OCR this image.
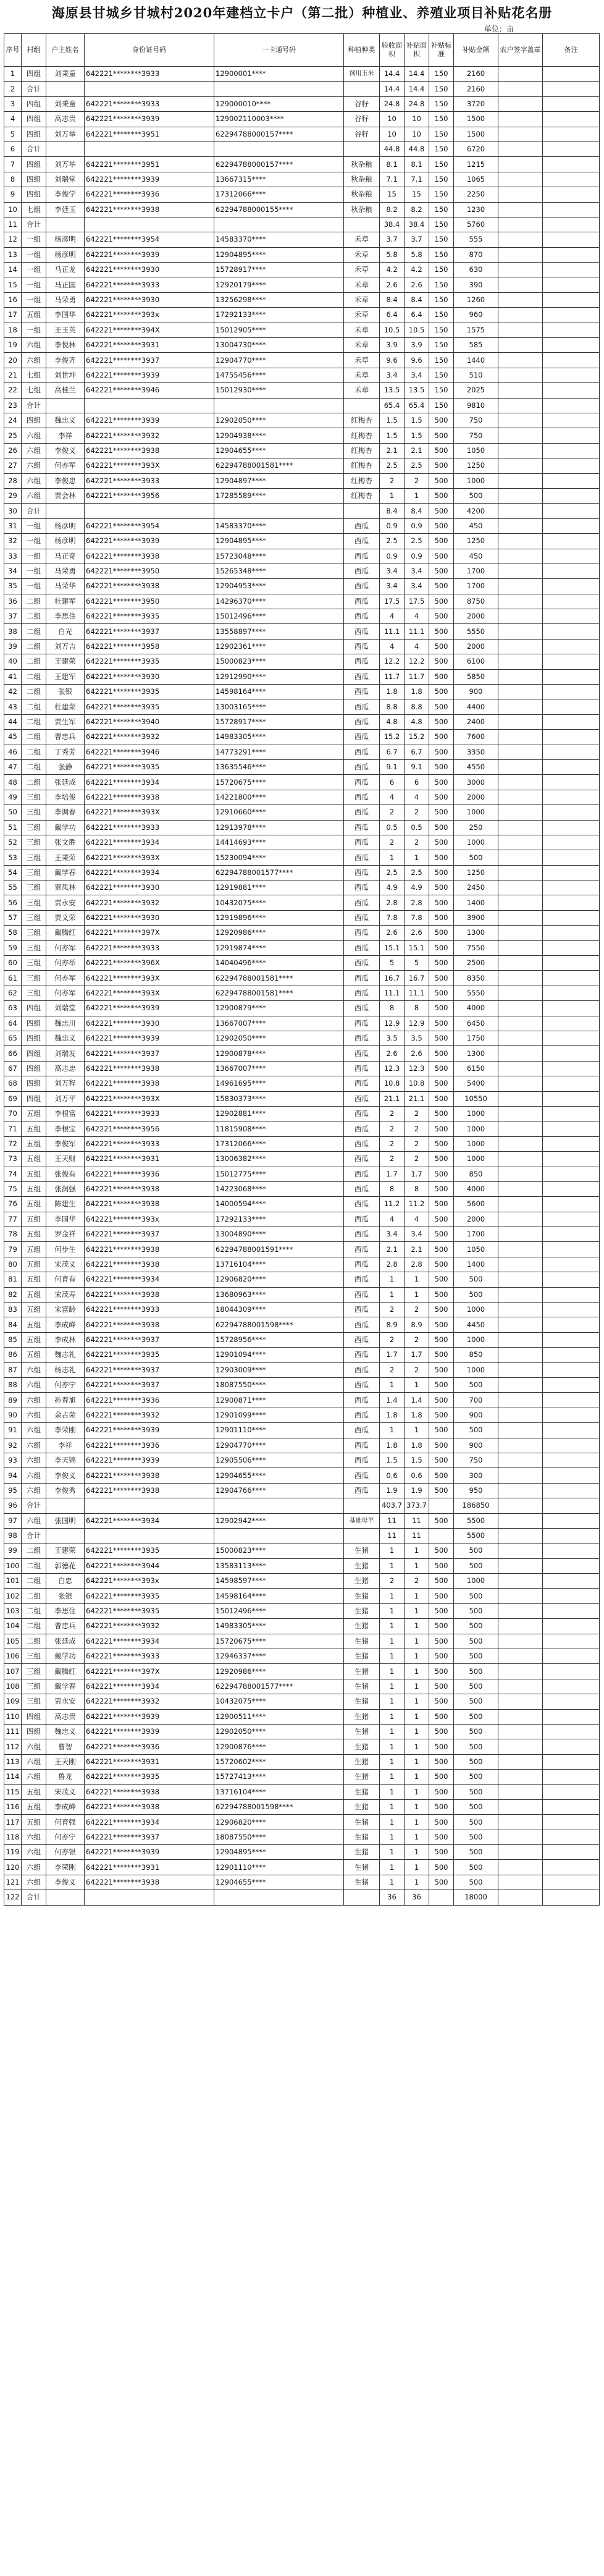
海原县甘城乡甘城村2020年建档立卡户（第二批）种植业、养殖业项目补贴花名册
单位：亩
序号	村组	户主姓名	身份证号码	一卡通号码	种植种类	验收面积	补贴面积	补贴标准	补贴金额	农户签字盖章	备注
1	四组	刘秉童	642221********3933	12900001****	饲用玉米	14.4	14.4	150	2160		
2	合计					14.4	14.4	150	2160		
3	四组	刘秉童	642221********3933	129000010****	谷籽	24.8	24.8	150	3720		
4	四组	高志贵	642221********3939	129002110003****	谷籽	10	10	150	1500		
5	四组	刘万举	642221********3951	62294788000157****	谷籽	10	10	150	1500		
6	合计					44.8	44.8	150	6720		
7	四组	刘万举	642221********3951	62294788000157****	秋杂粮	8.1	8.1	150	1215		
8	四组	刘瑞堂	642221********3939	13667315****	秋杂粮	7.1	7.1	150	1065		
9	四组	李俊学	642221********3936	17312066****	秋杂粮	15	15	150	2250		
10	七组	李廷玉	642221********3938	62294788000155****	秋杂粮	8.2	8.2	150	1230		
11	合计					38.4	38.4	150	5760		
12	一组	杨彦明	642221********3954	14583370****	禾草	3.7	3.7	150	555		
13	一组	杨彦明	642221********3939	12904895****	禾草	5.8	5.8	150	870		
14	一组	马正龙	642221********3930	15728917****	禾草	4.2	4.2	150	630		
15	一组	马正国	642221********3933	12920179****	禾草	2.6	2.6	150	390		
16	一组	马荣勇	642221********3930	13256298****	禾草	8.4	8.4	150	1260		
17	五组	李国华	642221********393x	17292133****	禾草	6.4	6.4	150	960		
18	一组	王玉英	642221********394X	15012905****	禾草	10.5	10.5	150	1575		
19	六组	李悦林	642221********3931	13004730****	禾草	3.9	3.9	150	585		
20	六组	李俊齐	642221********3937	12904770****	禾草	9.6	9.6	150	1440		
21	七组	刘世坤	642221********3939	14755456****	禾草	3.4	3.4	150	510		
22	七组	高桂兰	642221********3946	15012930****	禾草	13.5	13.5	150	2025		
23	合计					65.4	65.4	150	9810		
24	四组	魏忠义	642221********3939	12902050****	红梅杏	1.5	1.5	500	750		
25	六组	李祥	642221********3932	12904938****	红梅杏	1.5	1.5	500	750		
26	六组	李俊义	642221********3938	12904655****	红梅杏	2.1	2.1	500	1050		
27	六组	何亦军	642221********393X	62294788001581****	红梅杏	2.5	2.5	500	1250		
28	六组	李俊忠	642221********3933	12904897****	红梅杏	2	2	500	1000		
29	六组	贾会林	642221********3956	17285589****	红梅杏	1	1	500	500		
30	合计					8.4	8.4	500	4200		
31	一组	杨彦明	642221********3954	14583370****	西瓜	0.9	0.9	500	450		
32	一组	杨彦明	642221********3939	12904895****	西瓜	2.5	2.5	500	1250		
33	一组	马正奇	642221********3938	15723048****	西瓜	0.9	0.9	500	450		
34	一组	马荣勇	642221********3950	15265348****	西瓜	3.4	3.4	500	1700		
35	一组	马荣华	642221********3938	12904953****	西瓜	3.4	3.4	500	1700		
36	二组	杜建军	642221********3950	14296370****	西瓜	17.5	17.5	500	8750		
37	二组	李思住	642221********3935	15012496****	西瓜	4	4	500	2000		
38	二组	白光	642221********3937	13558897****	西瓜	11.1	11.1	500	5550		
39	二组	刘万吉	642221********3958	12902361****	西瓜	4	4	500	2000		
40	二组	王建荣	642221********3935	15000823****	西瓜	12.2	12.2	500	6100		
41	二组	王建军	642221********3930	12912990****	西瓜	11.7	11.7	500	5850		
42	二组	张银	642221********3935	14598164****	西瓜	1.8	1.8	500	900		
43	二组	杜建荣	642221********3935	13003165****	西瓜	8.8	8.8	500	4400		
44	二组	贾生军	642221********3940	15728917****	西瓜	4.8	4.8	500	2400		
45	二组	曹忠兵	642221********3932	14983305****	西瓜	15.2	15.2	500	7600		
46	二组	丁秀芳	642221********3946	14773291****	西瓜	6.7	6.7	500	3350		
47	二组	张静	642221********3935	13635546****	西瓜	9.1	9.1	500	4550		
48	二组	张廷成	642221********3934	15720675****	西瓜	6	6	500	3000		
49	三组	李培俊	642221********3938	14221800****	西瓜	4	4	500	2000		
50	三组	李调春	642221********393X	12910660****	西瓜	2	2	500	1000		
51	三组	戴学功	642221********3933	12913978****	西瓜	0.5	0.5	500	250		
52	三组	张文胜	642221********3934	14414693****	西瓜	2	2	500	1000		
53	三组	王秉荣	642221********393X	15230094****	西瓜	1	1	500	500		
54	三组	戴学春	642221********3934	62294788001577****	西瓜	2.5	2.5	500	1250		
55	三组	贾凤林	642221********3930	12919881****	西瓜	4.9	4.9	500	2450		
56	三组	贾永安	642221********3932	10432075****	西瓜	2.8	2.8	500	1400		
57	三组	贾义荣	642221********3930	12919896****	西瓜	7.8	7.8	500	3900		
58	三组	戴腾红	642221********397X	12920986****	西瓜	2.6	2.6	500	1300		
59	三组	何亦军	642221********3933	12919874****	西瓜	15.1	15.1	500	7550		
60	三组	何亦举	642221********396X	14040496****	西瓜	5	5	500	2500		
61	三组	何亦军	642221********393X	62294788001581****	西瓜	16.7	16.7	500	8350		
62	三组	何亦军	642221********393X	62294788001581****	西瓜	11.1	11.1	500	5550		
63	四组	刘瑞堂	642221********3939	12900879****	西瓜	8	8	500	4000		
64	四组	魏忠川	642221********3930	13667007****	西瓜	12.9	12.9	500	6450		
65	四组	魏忠义	642221********3939	12902050****	西瓜	3.5	3.5	500	1750		
66	四组	刘瑞发	642221********3937	12900878****	西瓜	2.6	2.6	500	1300		
67	四组	高志忠	642221********3938	13667007****	西瓜	12.3	12.3	500	6150		
68	四组	刘万程	642221********3938	14961695****	西瓜	10.8	10.8	500	5400		
69	四组	刘万平	642221********393X	15830373****	西瓜	21.1	21.1	500	10550		
70	五组	李根富	642221********3933	12902881****	西瓜	2	2	500	1000		
71	五组	李根宝	642221********3956	11815908****	西瓜	2	2	500	1000		
72	五组	李俊军	642221********3933	17312066****	西瓜	2	2	500	1000		
73	五组	王天财	642221********3931	13006382****	西瓜	2	2	500	1000		
74	五组	张俊有	642221********3936	15012775****	西瓜	1.7	1.7	500	850		
75	五组	张润强	642221********3938	14223068****	西瓜	8	8	500	4000		
76	五组	陈建生	642221********3938	14000594****	西瓜	11.2	11.2	500	5600		
77	五组	李国华	642221********393x	17292133****	西瓜	4	4	500	2000		
78	五组	罗金祥	642221********3937	13004890****	西瓜	3.4	3.4	500	1700		
79	五组	何步生	642221********3938	62294788001591****	西瓜	2.1	2.1	500	1050		
80	五组	宋茂义	642221********3938	13716104****	西瓜	2.8	2.8	500	1400		
81	五组	何育有	642221********3934	12906820****	西瓜	1	1	500	500		
82	五组	宋茂寿	642221********3938	13680963****	西瓜	1	1	500	500		
83	五组	宋富龄	642221********3933	18044309****	西瓜	2	2	500	1000		
84	五组	李成峰	642221********3938	62294788001598****	西瓜	8.9	8.9	500	4450		
85	五组	李成林	642221********3937	15728956****	西瓜	2	2	500	1000		
86	五组	魏志礼	642221********3935	12901094****	西瓜	1.7	1.7	500	850		
87	六组	杨志礼	642221********3937	12903009****	西瓜	2	2	500	1000		
88	六组	何亦宁	642221********3937	18087550****	西瓜	1	1	500	500		
89	六组	孙春旭	642221********3936	12900871****	西瓜	1.4	1.4	500	700		
90	六组	余占荣	642221********3932	12901099****	西瓜	1.8	1.8	500	900		
91	六组	李荣刚	642221********3939	12901110****	西瓜	1	1	500	500		
92	六组	李祥	642221********3936	12904770****	西瓜	1.8	1.8	500	900		
93	六组	李天锦	642221********3939	12905506****	西瓜	1.5	1.5	500	750		
94	六组	李俊义	642221********3938	12904655****	西瓜	0.6	0.6	500	300		
95	六组	李俊秀	642221********3938	12904766****	西瓜	1.9	1.9	500	950		
96	合计					403.7	373.7		186850		
97	六组	张国明	642221********3934	12902942****	基础母羊	11	11	500	5500		
98	合计					11	11		5500		
99	二组	王建荣	642221********3935	15000823****	生猪	1	1	500	500		
100	二组	郭德花	642221********3944	13583113****	生猪	1	1	500	500		
101	二组	白忠	642221********393x	14598597****	生猪	2	2	500	1000		
102	二组	张银	642221********3935	14598164****	生猪	1	1	500	500		
103	二组	李思住	642221********3935	15012496****	生猪	1	1	500	500		
104	二组	曹忠兵	642221********3932	14983305****	生猪	1	1	500	500		
105	二组	张廷成	642221********3934	15720675****	生猪	1	1	500	500		
106	三组	戴学功	642221********3933	12946337****	生猪	1	1	500	500		
107	三组	戴腾红	642221********397X	12920986****	生猪	1	1	500	500		
108	三组	戴学春	642221********3934	62294788001577****	生猪	1	1	500	500		
109	三组	贾永安	642221********3932	10432075****	生猪	1	1	500	500		
110	四组	高志贵	642221********3939	12900511****	生猪	1	1	500	500		
111	四组	魏忠义	642221********3939	12902050****	生猪	1	1	500	500		
112	六组	曹智	642221********3936	12900876****	生猪	1	1	500	500		
113	六组	王天刚	642221********3931	15720602****	生猪	1	1	500	500		
114	六组	鲁龙	642221********3935	15727413****	生猪	1	1	500	500		
115	五组	宋茂义	642221********3938	13716104****	生猪	1	1	500	500		
116	五组	李成峰	642221********3938	62294788001598****	生猪	1	1	500	500		
117	五组	何育强	642221********3934	12906820****	生猪	1	1	500	500		
118	六组	何亦宁	642221********3937	18087550****	生猪	1	1	500	500		
119	六组	何亦银	642221********3939	12904895****	生猪	1	1	500	500		
120	六组	李荣刚	642221********3931	12901110****	生猪	1	1	500	500		
121	六组	李俊义	642221********3938	12904655****	生猪	1	1	500	500		
122	合计					36	36		18000		
